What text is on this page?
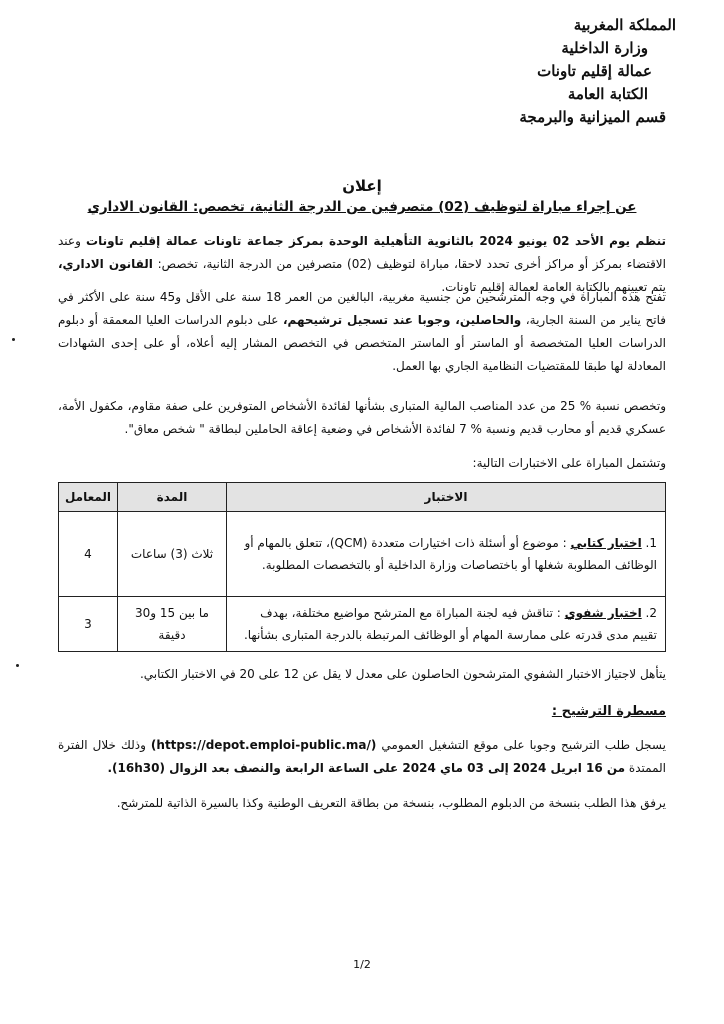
المملكة المغربية
وزارة الداخلية
عمالة إقليم تاونات
الكتابة العامة
قسم الميزانية والبرمجة
إعلان
عن إجراء مباراة لتوظيف (02) متصرفين من الدرجة الثانية، تخصص: القانون الاداري
تنظم يوم الأحد 02 يونيو 2024 بالثانوية التأهيلية الوحدة بمركز جماعة تاونات عمالة إقليم تاونات وعند الاقتضاء بمركز أو مراكز أخرى تحدد لاحقا، مباراة لتوظيف (02) متصرفين من الدرجة الثانية، تخصص: القانون الاداري، يتم تعيينهم بالكتابة العامة لعمالة إقليم تاونات.
تفتح هذه المباراة في وجه المترشحين من جنسية مغربية، البالغين من العمر 18 سنة على الأقل و45 سنة على الأكثر في فاتح يناير من السنة الجارية، والحاصلين، وجوبا عند تسجيل ترشيحهم، على دبلوم الدراسات العليا المعمقة أو دبلوم الدراسات العليا المتخصصة أو الماستر أو الماستر المتخصص في التخصص المشار إليه أعلاه، أو على إحدى الشهادات المعادلة لها طبقا للمقتضيات النظامية الجاري بها العمل.
وتخصص نسبة % 25 من عدد المناصب المالية المتبارى بشأنها لفائدة الأشخاص المتوفرين على صفة مقاوم، مكفول الأمة، عسكري قديم أو محارب قديم ونسبة % 7 لفائدة الأشخاص في وضعية إعاقة الحاملين لبطاقة " شخص معاق".
وتشتمل المباراة على الاختبارات التالية:
الاختبار	المدة	المعامل
1. اختبار كتابي : موضوع أو أسئلة ذات اختيارات متعددة (QCM)، تتعلق بالمهام أو الوظائف المطلوبة شغلها أو باختصاصات وزارة الداخلية أو بالتخصصات المطلوبة.	ثلاث (3) ساعات	4
2. اختبار شفوي : تناقش فيه لجنة المباراة مع المترشح مواضيع مختلفة، بهدف تقييم مدى قدرته على ممارسة المهام أو الوظائف المرتبطة بالدرجة المتبارى بشأنها.	ما بين 15 و30 دقيقة	3
يتأهل لاجتياز الاختبار الشفوي المترشحون الحاصلون على معدل لا يقل عن 12 على 20 في الاختبار الكتابي.
مسطرة الترشيح :
يسجل طلب الترشيح وجوبا على موقع التشغيل العمومي (https://depot.emploi-public.ma/) وذلك خلال الفترة الممتدة من 16 ابريل 2024 إلى 03 ماي 2024 على الساعة الرابعة والنصف بعد الزوال (16h30).
يرفق هذا الطلب بنسخة من الدبلوم المطلوب، بنسخة من بطاقة التعريف الوطنية وكذا بالسيرة الذاتية للمترشح.
1/2
